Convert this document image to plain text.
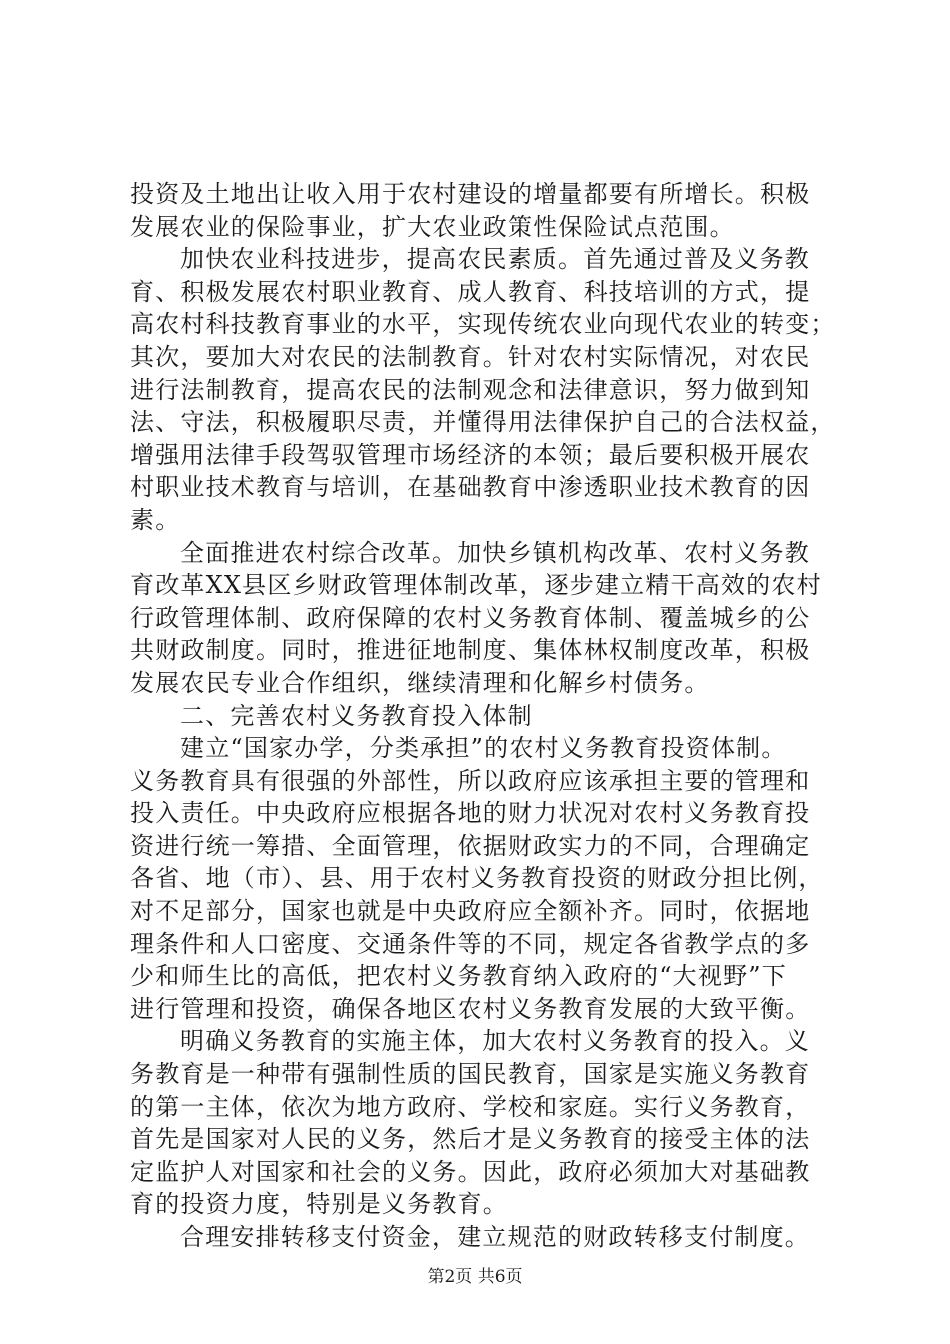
投资及土地出让收入用于农村建设的增量都要有所增长。积极
发展农业的保险事业，扩大农业政策性保险试点范围。
加快农业科技进步，提高农民素质。首先通过普及义务教
育、积极发展农村职业教育、成人教育、科技培训的方式，提
高农村科技教育事业的水平，实现传统农业向现代农业的转变；
其次，要加大对农民的法制教育。针对农村实际情况，对农民
进行法制教育，提高农民的法制观念和法律意识，努力做到知
法、守法，积极履职尽责，并懂得用法律保护自己的合法权益，
增强用法律手段驾驭管理市场经济的本领；最后要积极开展农
村职业技术教育与培训，在基础教育中渗透职业技术教育的因
素。
全面推进农村综合改革。加快乡镇机构改革、农村义务教
育改革XX县区乡财政管理体制改革，逐步建立精干高效的农村
行政管理体制、政府保障的农村义务教育体制、覆盖城乡的公
共财政制度。同时，推进征地制度、集体林权制度改革，积极
发展农民专业合作组织，继续清理和化解乡村债务。
二、完善农村义务教育投入体制
建立“国家办学，分类承担”的农村义务教育投资体制。
义务教育具有很强的外部性，所以政府应该承担主要的管理和
投入责任。中央政府应根据各地的财力状况对农村义务教育投
资进行统一筹措、全面管理，依据财政实力的不同，合理确定
各省、地（市）、县、用于农村义务教育投资的财政分担比例，
对不足部分，国家也就是中央政府应全额补齐。同时，依据地
理条件和人口密度、交通条件等的不同，规定各省教学点的多
少和师生比的高低，把农村义务教育纳入政府的“大视野”下
进行管理和投资，确保各地区农村义务教育发展的大致平衡。
明确义务教育的实施主体，加大农村义务教育的投入。义
务教育是一种带有强制性质的国民教育，国家是实施义务教育
的第一主体，依次为地方政府、学校和家庭。实行义务教育，
首先是国家对人民的义务，然后才是义务教育的接受主体的法
定监护人对国家和社会的义务。因此，政府必须加大对基础教
育的投资力度，特别是义务教育。
合理安排转移支付资金，建立规范的财政转移支付制度。
第2页 共6页
